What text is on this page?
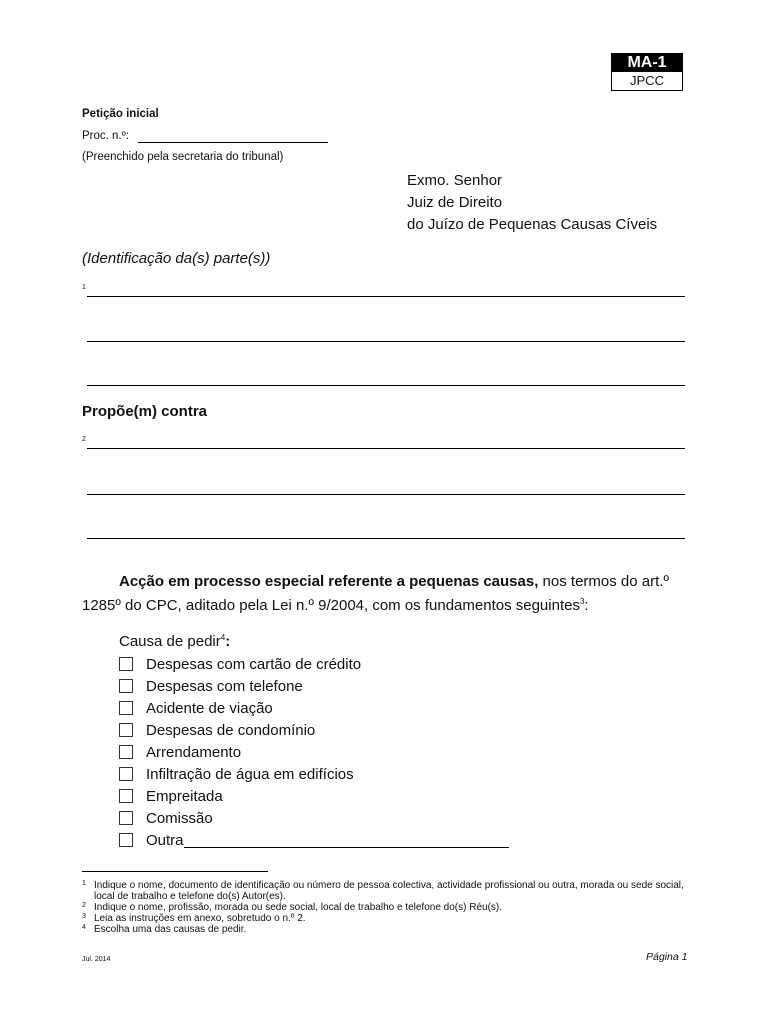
MA-1
JPCC
Petição inicial
Proc. n.º:
(Preenchido pela secretaria do tribunal)
Exmo. Senhor
Juiz de Direito
do Juízo de Pequenas Causas Cíveis
(Identificação da(s) parte(s))
1
Propõe(m) contra
2
Acção em processo especial referente a pequenas causas, nos termos do art.º
1285º do CPC, aditado pela Lei n.º 9/2004, com os fundamentos seguintes$^3$:
Causa de pedir$^4$:
Despesas com cartão de crédito
Despesas com telefone
Acidente de viação
Despesas de condomínio
Arrendamento
Infiltração de água em edifícios
Empreitada
Comissão
Outra
1 Indique o nome, documento de identificação ou número de pessoa colectiva, actividade profissional ou outra, morada ou sede social,
local de trabalho e telefone do(s) Autor(es).
2 Indique o nome, profissão, morada ou sede social, local de trabalho e telefone do(s) Réu(s).
3 Leia as instruções em anexo, sobretudo o n.º 2.
4 Escolha uma das causas de pedir.
Jul. 2014	Página 1
